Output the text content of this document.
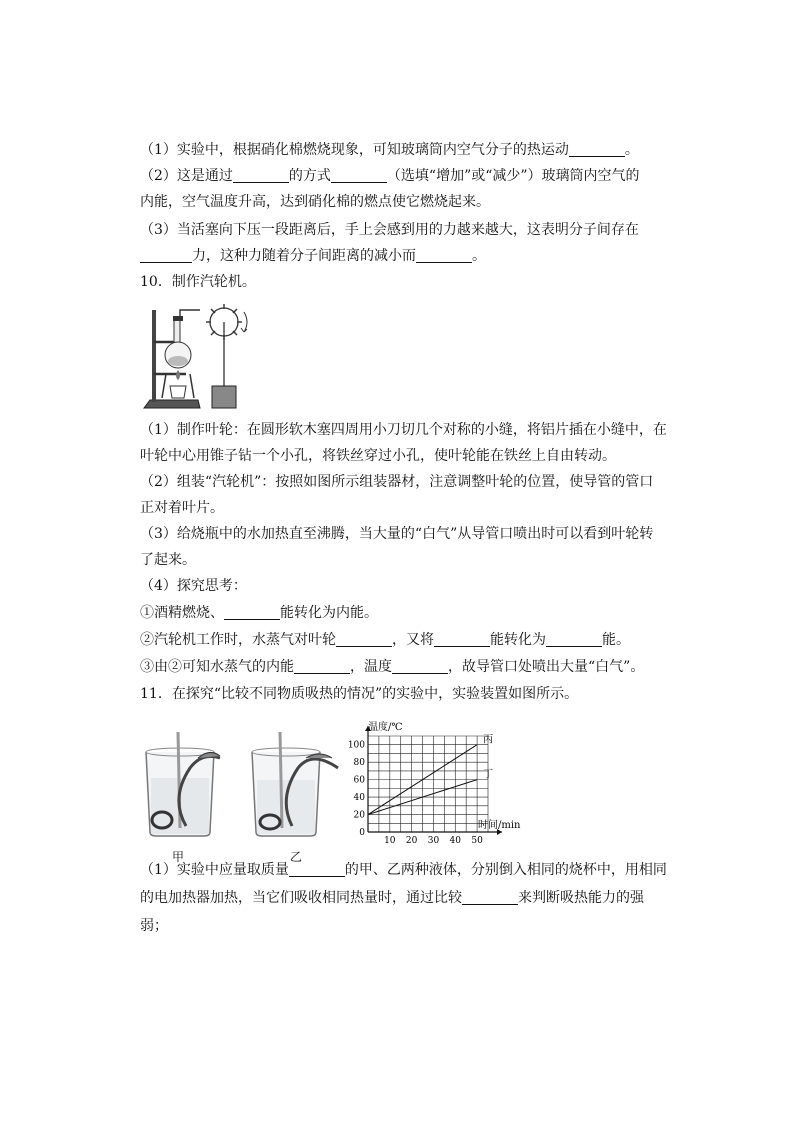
（1）实验中，根据硝化棉燃烧现象，可知玻璃筒内空气分子的热运动	。
（2）这是通过	的方式	（选填“增加”或“减少”）玻璃筒内空气的
内能，空气温度升高，达到硝化棉的燃点使它燃烧起来。
（3）当活塞向下压一段距离后，手上会感到用的力越来越大，这表明分子间存在
力，这种力随着分子间距离的减小而	。
10．制作汽轮机。
（1）制作叶轮：在圆形软木塞四周用小刀切几个对称的小缝，将铝片插在小缝中，在
叶轮中心用锥子钻一个小孔，将铁丝穿过小孔，使叶轮能在铁丝上自由转动。
（2）组装“汽轮机”：按照如图所示组装器材，注意调整叶轮的位置，使导管的管口
正对着叶片。
（3）给烧瓶中的水加热直至沸腾，当大量的“白气”从导管口喷出时可以看到叶轮转
了起来。
（4）探究思考：
①酒精燃烧、	能转化为内能。
②汽轮机工作时，水蒸气对叶轮	，又将	能转化为	能。
③由②可知水蒸气的内能	，温度	，故导管口处喷出大量“白气”。
11．在探究“比较不同物质吸热的情况”的实验中，实验装置如图所示。
甲	乙
10 20 30 40 50
0
20
40
60
80
100	丙
丁
温度/℃
时间/min
（1）实验中应量取质量	的甲、乙两种液体，分别倒入相同的烧杯中，用相同
的电加热器加热，当它们吸收相同热量时，通过比较	来判断吸热能力的强
弱；
